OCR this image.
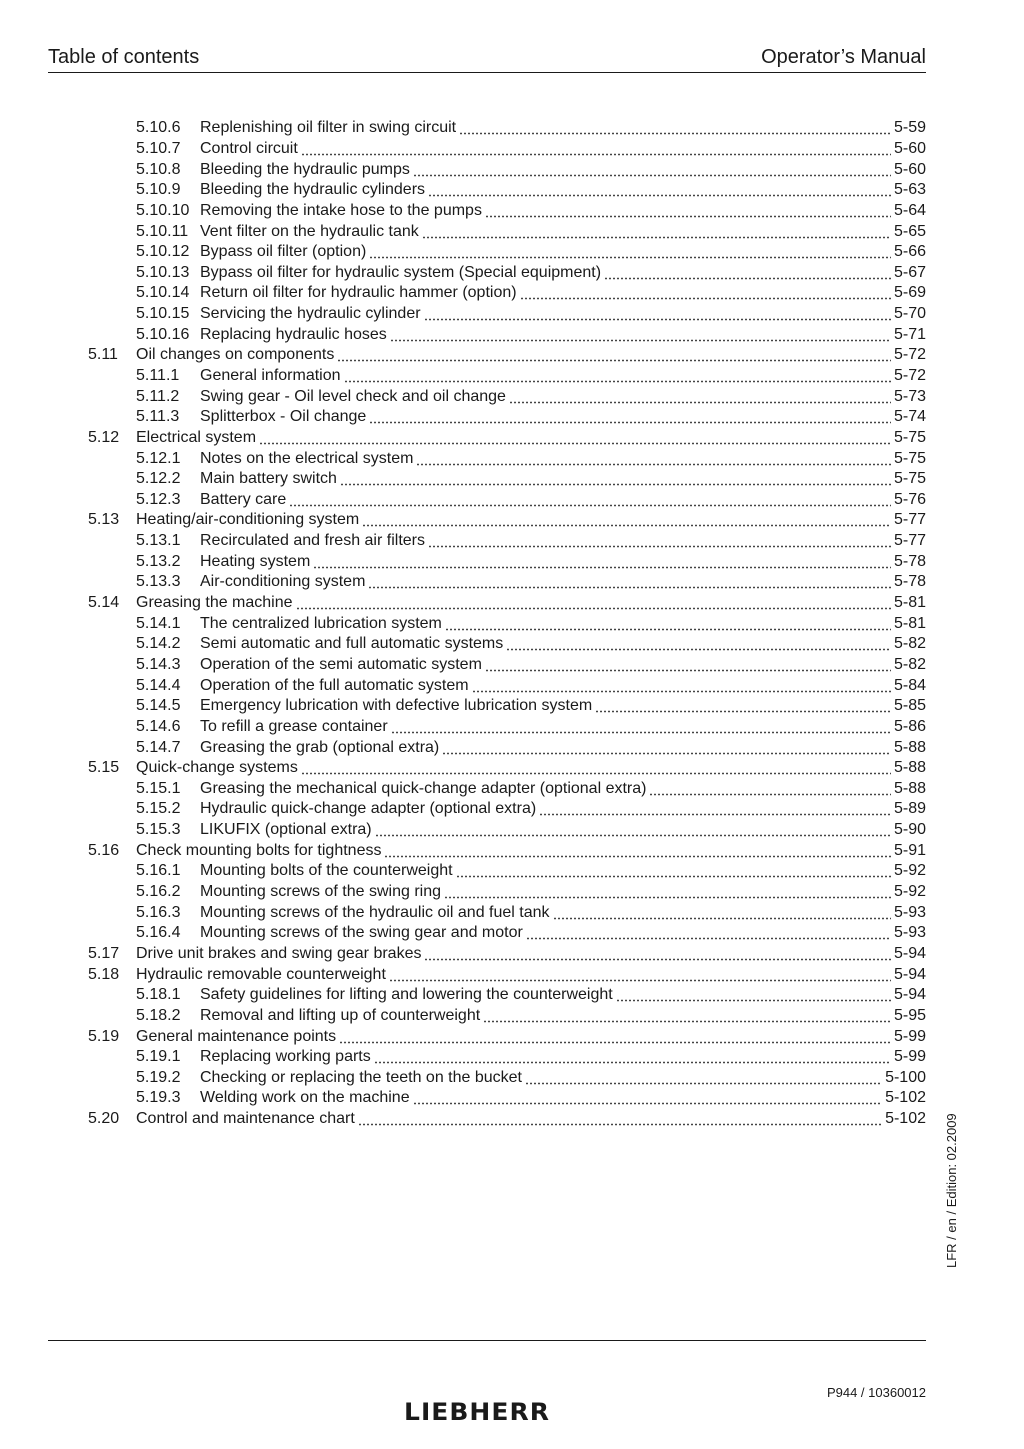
Table of contents	Operator’s Manual
5.10.6	Replenishing oil filter in swing circuit	5-59
5.10.7	Control circuit	5-60
5.10.8	Bleeding the hydraulic pumps	5-60
5.10.9	Bleeding the hydraulic cylinders	5-63
5.10.10 Removing the intake hose to the pumps	5-64
5.10.11 Vent filter on the hydraulic tank	5-65
5.10.12 Bypass oil filter (option)	5-66
5.10.13 Bypass oil filter for hydraulic system (Special equipment)	5-67
5.10.14 Return oil filter for hydraulic hammer (option)	5-69
5.10.15 Servicing the hydraulic cylinder	5-70
5.10.16 Replacing hydraulic hoses	5-71
5.11	Oil changes on components	5-72
5.11.1	General information	5-72
5.11.2	Swing gear - Oil level check and oil change	5-73
5.11.3	Splitterbox - Oil change	5-74
5.12	Electrical system	5-75
5.12.1	Notes on the electrical system	5-75
5.12.2	Main battery switch	5-75
5.12.3	Battery care	5-76
5.13	Heating/air-conditioning system	5-77
5.13.1	Recirculated and fresh air filters	5-77
5.13.2	Heating system	5-78
5.13.3	Air-conditioning system	5-78
5.14	Greasing the machine	5-81
5.14.1	The centralized lubrication system	5-81
5.14.2	Semi automatic and full automatic systems	5-82
5.14.3	Operation of the semi automatic system	5-82
5.14.4	Operation of the full automatic system	5-84
5.14.5	Emergency lubrication with defective lubrication system	5-85
5.14.6	To refill a grease container	5-86
5.14.7	Greasing the grab (optional extra)	5-88
5.15	Quick-change systems	5-88
5.15.1	Greasing the mechanical quick-change adapter (optional extra)	5-88
5.15.2	Hydraulic quick-change adapter (optional extra)	5-89
5.15.3	LIKUFIX (optional extra)	5-90
5.16	Check mounting bolts for tightness	5-91
5.16.1	Mounting bolts of the counterweight	5-92
5.16.2	Mounting screws of the swing ring	5-92
5.16.3	Mounting screws of the hydraulic oil and fuel tank	5-93
5.16.4	Mounting screws of the swing gear and motor	5-93
5.17	Drive unit brakes and swing gear brakes	5-94
5.18	Hydraulic removable counterweight	5-94
5.18.1	Safety guidelines for lifting and lowering the counterweight	5-94
5.18.2	Removal and lifting up of counterweight	5-95
5.19	General maintenance points	5-99
5.19.1	Replacing working parts	5-99
5.19.2	Checking or replacing the teeth on the bucket	5-100
5.19.3	Welding work on the machine	5-102
5.20	Control and maintenance chart	5-102 LFR / en / Edition: 02.2009
P944 / 10360012
LIEBHERR
